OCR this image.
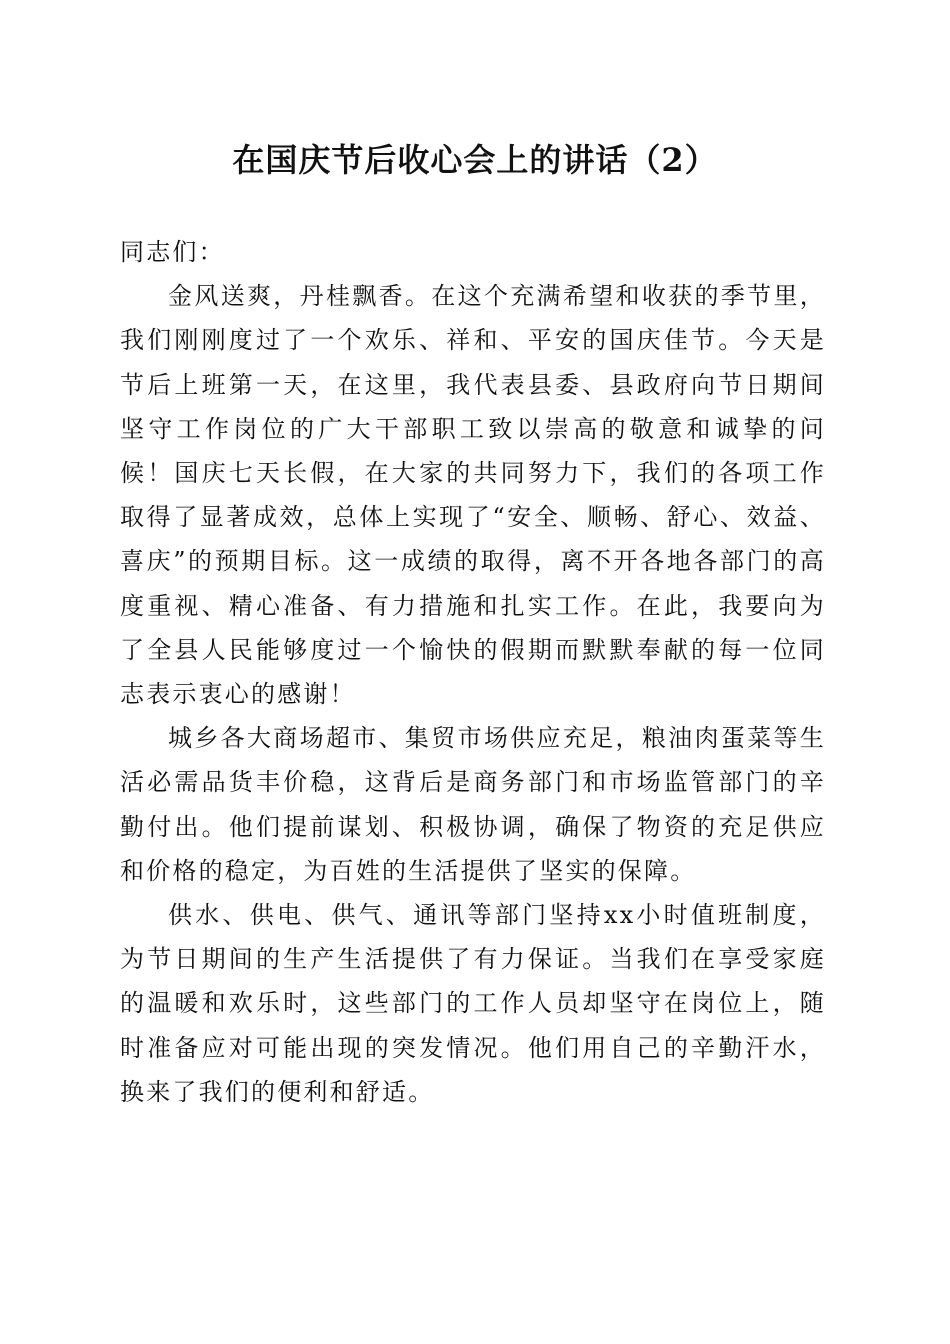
在国庆节后收心会上的讲话（2）

同志们：

金风送爽，丹桂飘香。在这个充满希望和收获的季节里，我们刚刚度过了一个欢乐、祥和、平安的国庆佳节。今天是节后上班第一天，在这里，我代表县委、县政府向节日期间坚守工作岗位的广大干部职工致以崇高的敬意和诚挚的问候！国庆七天长假，在大家的共同努力下，我们的各项工作取得了显著成效，总体上实现了“安全、顺畅、舒心、效益、喜庆”的预期目标。这一成绩的取得，离不开各地各部门的高度重视、精心准备、有力措施和扎实工作。在此，我要向为了全县人民能够度过一个愉快的假期而默默奉献的每一位同志表示衷心的感谢！

城乡各大商场超市、集贸市场供应充足，粮油肉蛋菜等生活必需品货丰价稳，这背后是商务部门和市场监管部门的辛勤付出。他们提前谋划、积极协调，确保了物资的充足供应和价格的稳定，为百姓的生活提供了坚实的保障。

供水、供电、供气、通讯等部门坚持xx小时值班制度，为节日期间的生产生活提供了有力保证。当我们在享受家庭的温暖和欢乐时，这些部门的工作人员却坚守在岗位上，随时准备应对可能出现的突发情况。他们用自己的辛勤汗水，换来了我们的便利和舒适。
